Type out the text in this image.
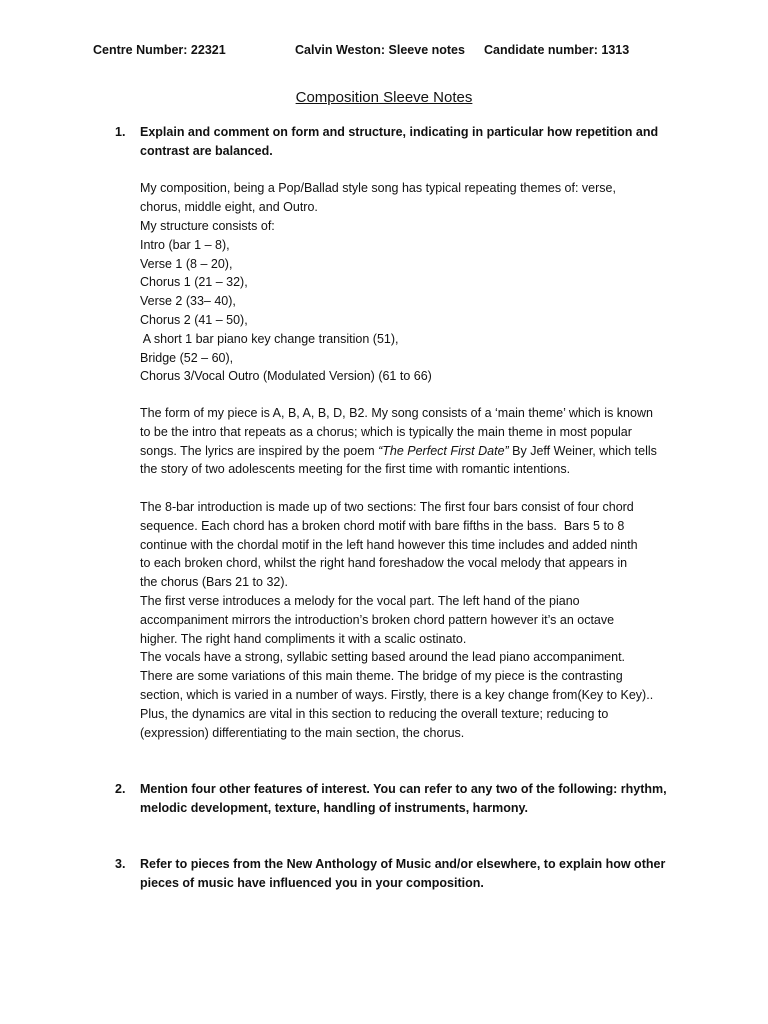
Centre Number: 22321	Calvin Weston: Sleeve notes Candidate number: 1313
Composition Sleeve Notes
1. Explain and comment on form and structure, indicating in particular how repetition and
contrast are balanced.
My composition, being a Pop/Ballad style song has typical repeating themes of: verse,
chorus, middle eight, and Outro.
My structure consists of:
Intro (bar 1 – 8),
Verse 1 (8 – 20),
Chorus 1 (21 – 32),
Verse 2 (33– 40),
Chorus 2 (41 – 50),
A short 1 bar piano key change transition (51),
Bridge (52 – 60),
Chorus 3/Vocal Outro (Modulated Version) (61 to 66)
The form of my piece is A, B, A, B, D, B2. My song consists of a ‘main theme’ which is known
to be the intro that repeats as a chorus; which is typically the main theme in most popular
songs. The lyrics are inspired by the poem “The Perfect First Date” By Jeff Weiner, which tells
the story of two adolescents meeting for the first time with romantic intentions.
The 8-bar introduction is made up of two sections: The first four bars consist of four chord
sequence. Each chord has a broken chord motif with bare fifths in the bass.  Bars 5 to 8
continue with the chordal motif in the left hand however this time includes and added ninth
to each broken chord, whilst the right hand foreshadow the vocal melody that appears in
the chorus (Bars 21 to 32).
The first verse introduces a melody for the vocal part. The left hand of the piano
accompaniment mirrors the introduction’s broken chord pattern however it’s an octave
higher. The right hand compliments it with a scalic ostinato.
The vocals have a strong, syllabic setting based around the lead piano accompaniment.
There are some variations of this main theme. The bridge of my piece is the contrasting
section, which is varied in a number of ways. Firstly, there is a key change from(Key to Key)..
Plus, the dynamics are vital in this section to reducing the overall texture; reducing to
(expression) differentiating to the main section, the chorus.
2. Mention four other features of interest. You can refer to any two of the following: rhythm,
melodic development, texture, handling of instruments, harmony.
3. Refer to pieces from the New Anthology of Music and/or elsewhere, to explain how other
pieces of music have influenced you in your composition.
